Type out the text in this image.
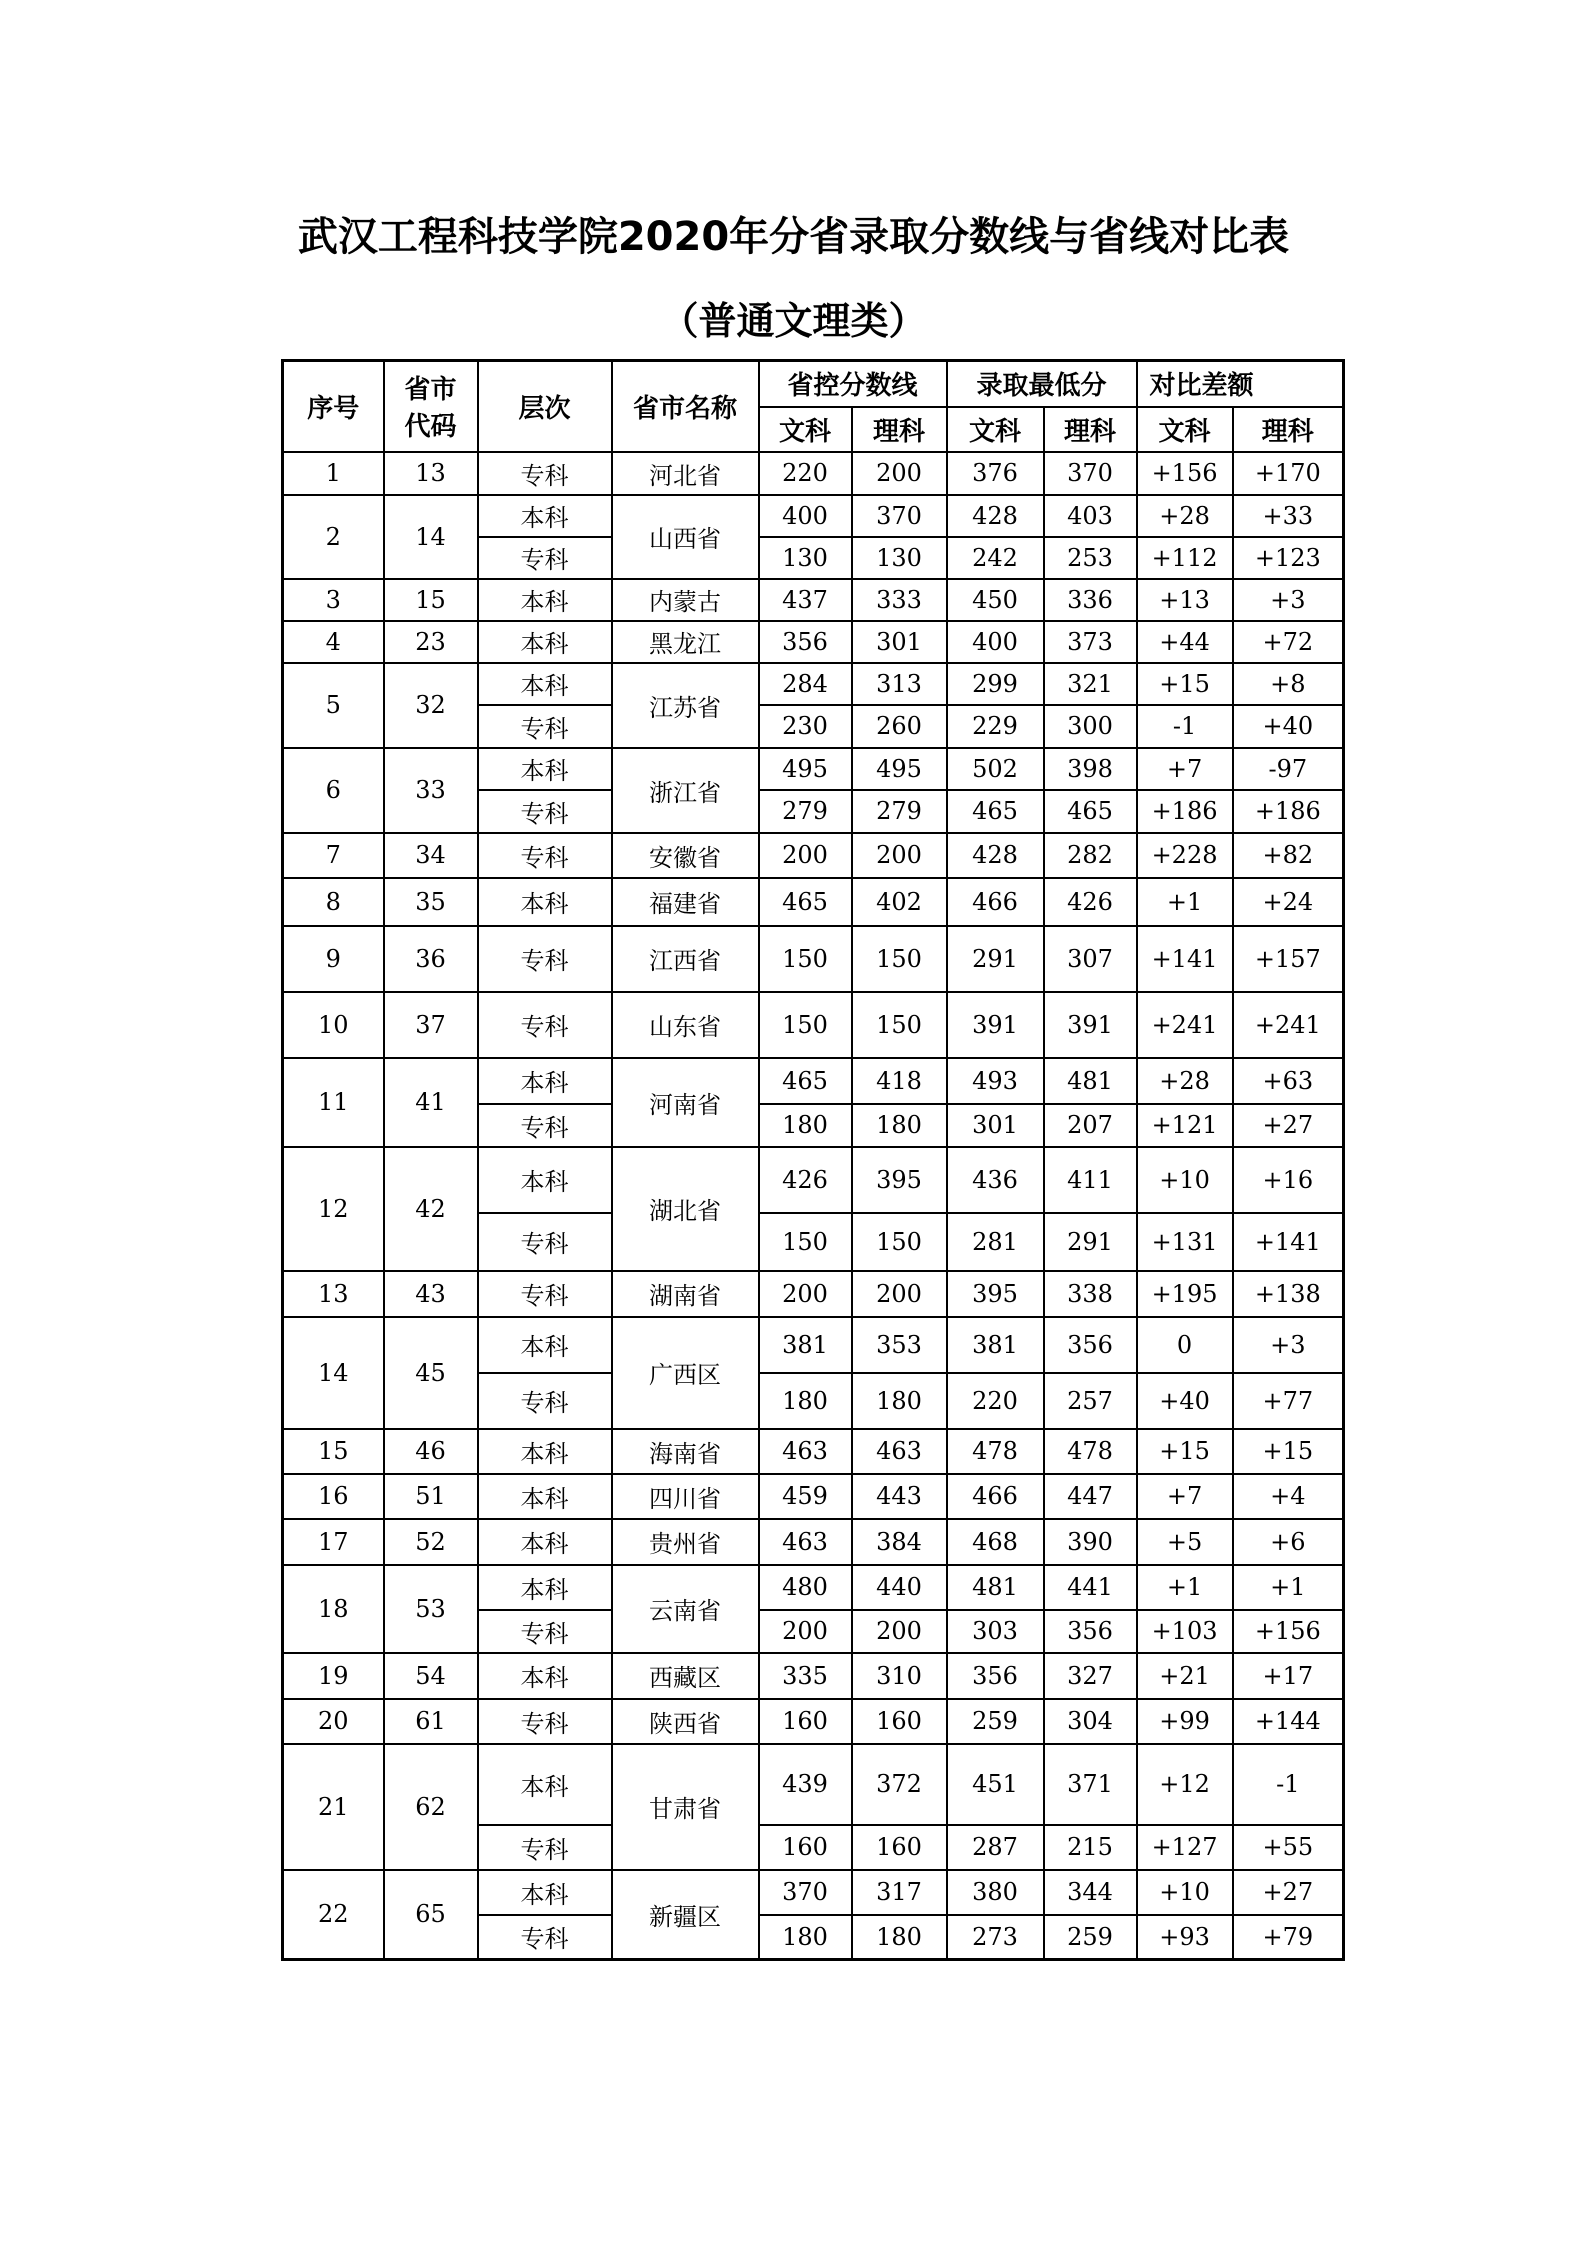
武汉工程科技学院2020年分省录取分数线与省线对比表
（普通文理类）
序号	省市代码	层次	省市名称	省控分数线		录取最低分		对比差额	
				文科	理科	文科	理科	文科	理科
1	13	专科	河北省	220	200	376	370	+156	+170
2	14	本科	山西省	400	370	428	403	+28	+33
		专科		130	130	242	253	+112	+123
3	15	本科	内蒙古	437	333	450	336	+13	+3
4	23	本科	黑龙江	356	301	400	373	+44	+72
5	32	本科	江苏省	284	313	299	321	+15	+8
		专科		230	260	229	300	-1	+40
6	33	本科	浙江省	495	495	502	398	+7	-97
		专科		279	279	465	465	+186	+186
7	34	专科	安徽省	200	200	428	282	+228	+82
8	35	本科	福建省	465	402	466	426	+1	+24
9	36	专科	江西省	150	150	291	307	+141	+157
10	37	专科	山东省	150	150	391	391	+241	+241
11	41	本科	河南省	465	418	493	481	+28	+63
		专科		180	180	301	207	+121	+27
12	42	本科	湖北省	426	395	436	411	+10	+16
		专科		150	150	281	291	+131	+141
13	43	专科	湖南省	200	200	395	338	+195	+138
14	45	本科	广西区	381	353	381	356	0	+3
		专科		180	180	220	257	+40	+77
15	46	本科	海南省	463	463	478	478	+15	+15
16	51	本科	四川省	459	443	466	447	+7	+4
17	52	本科	贵州省	463	384	468	390	+5	+6
18	53	本科	云南省	480	440	481	441	+1	+1
		专科		200	200	303	356	+103	+156
19	54	本科	西藏区	335	310	356	327	+21	+17
20	61	专科	陕西省	160	160	259	304	+99	+144
21	62	本科	甘肃省	439	372	451	371	+12	-1
		专科		160	160	287	215	+127	+55
22	65	本科	新疆区	370	317	380	344	+10	+27
		专科		180	180	273	259	+93	+79
